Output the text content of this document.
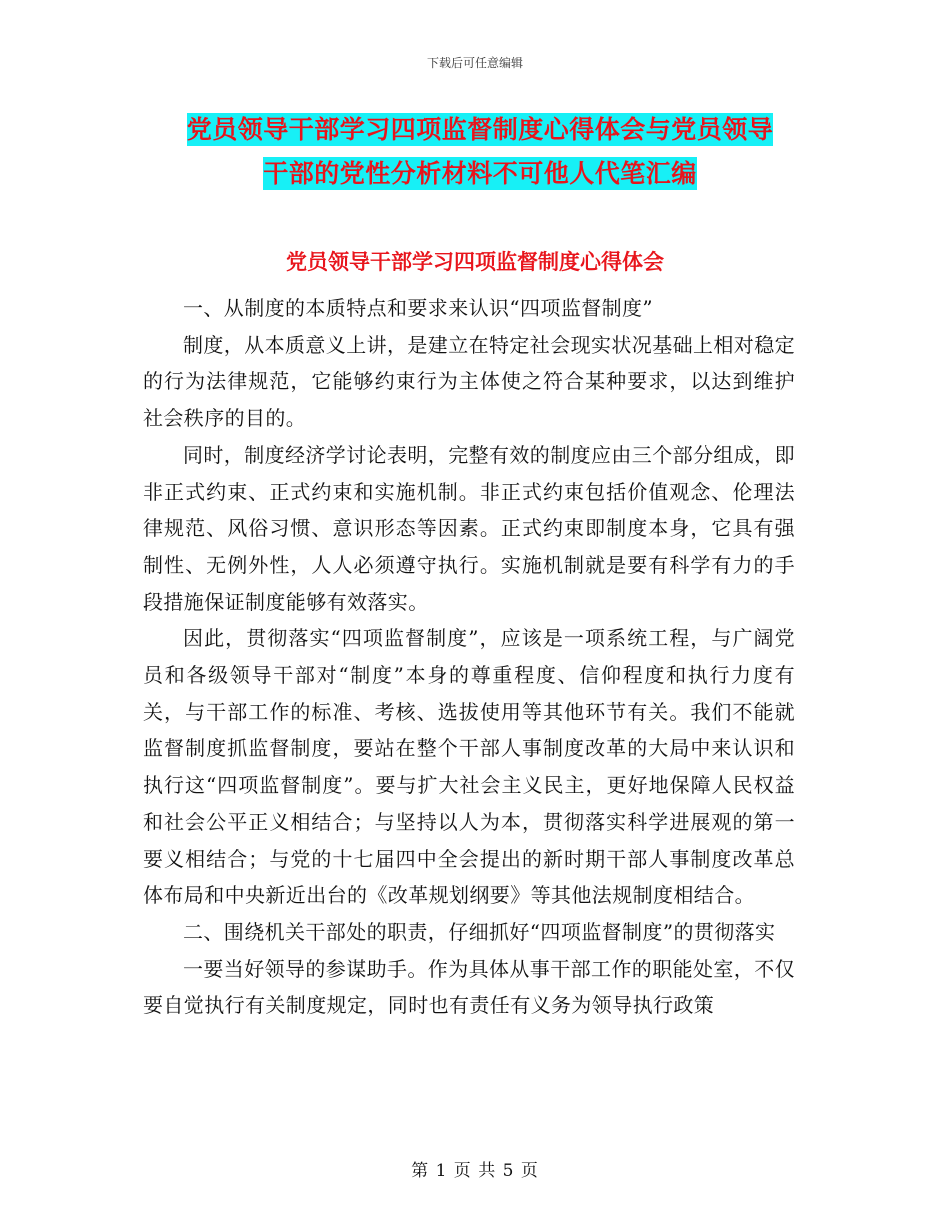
下载后可任意编辑
党员领导干部学习四项监督制度心得体会与党员领导
干部的党性分析材料不可他人代笔汇编
党员领导干部学习四项监督制度心得体会

一、从制度的本质特点和要求来认识“四项监督制度”

制度，从本质意义上讲，是建立在特定社会现实状况基础上相对稳定的行为法律规范，它能够约束行为主体使之符合某种要求，以达到维护社会秩序的目的。

同时，制度经济学讨论表明，完整有效的制度应由三个部分组成，即非正式约束、正式约束和实施机制。非正式约束包括价值观念、伦理法律规范、风俗习惯、意识形态等因素。正式约束即制度本身，它具有强制性、无例外性，人人必须遵守执行。实施机制就是要有科学有力的手段措施保证制度能够有效落实。

因此，贯彻落实“四项监督制度”，应该是一项系统工程，与广阔党员和各级领导干部对“制度”本身的尊重程度、信仰程度和执行力度有关，与干部工作的标准、考核、选拔使用等其他环节有关。我们不能就监督制度抓监督制度，要站在整个干部人事制度改革的大局中来认识和执行这“四项监督制度”。要与扩大社会主义民主，更好地保障人民权益和社会公平正义相结合；与坚持以人为本，贯彻落实科学进展观的第一要义相结合；与党的十七届四中全会提出的新时期干部人事制度改革总体布局和中央新近出台的《改革规划纲要》等其他法规制度相结合。

二、围绕机关干部处的职责，仔细抓好“四项监督制度”的贯彻落实

一要当好领导的参谋助手。作为具体从事干部工作的职能处室，不仅要自觉执行有关制度规定，同时也有责任有义务为领导执行政策

第 1 页 共 5 页
